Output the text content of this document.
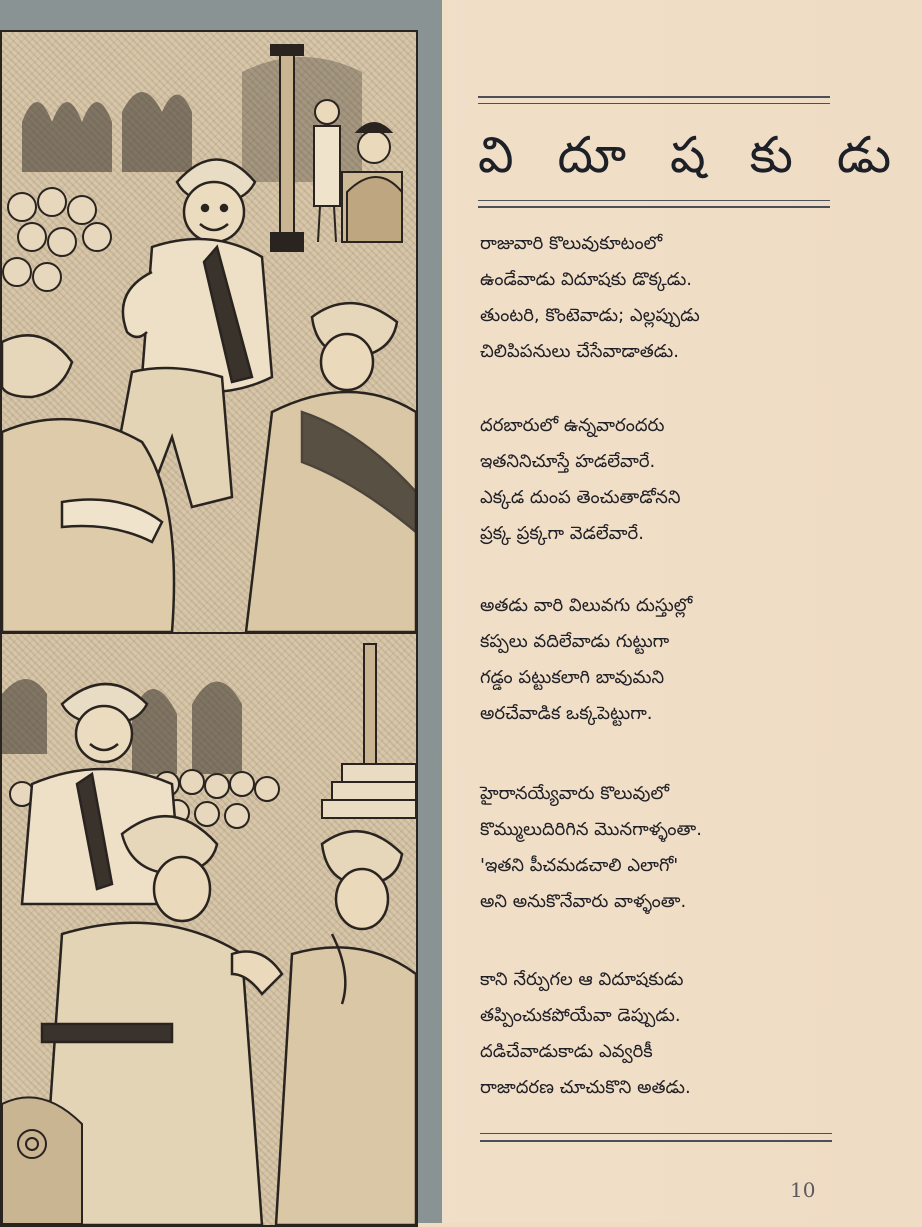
వి దూ ష కు డు
రాజువారి కొలువుకూటంలో
ఉండేవాడు విదూషకు డొక్కడు.
తుంటరి, కొంటెవాడు; ఎల్లప్పుడు
చిలిపిపనులు చేసేవాడాతడు.
దరబారులో ఉన్నవారందరు
ఇతనినిచూస్తే హడలేవారే.
ఎక్కడ దుంప తెంచుతాడోనని
ప్రక్క ప్రక్కగా వెడలేవారే.
అతడు వారి విలువగు దుస్తుల్లో
కప్పలు వదిలేవాడు గుట్టుగా
గడ్డం పట్టుకలాగి బావుమని
అరచేవాడిక ఒక్కపెట్టుగా.
హైరానయ్యేవారు కొలువులో
కొమ్ములుదిరిగిన మొనగాళ్ళంతా.
'ఇతని పీచమడచాలి ఎలాగో'
అని అనుకొనేవారు వాళ్ళంతా.
కాని నేర్పుగల ఆ విదూషకుడు
తప్పించుకపోయేవా డెప్పుడు.
దడిచేవాడుకాడు ఎవ్వరికీ
రాజాదరణ చూచుకొని అతడు.
10
